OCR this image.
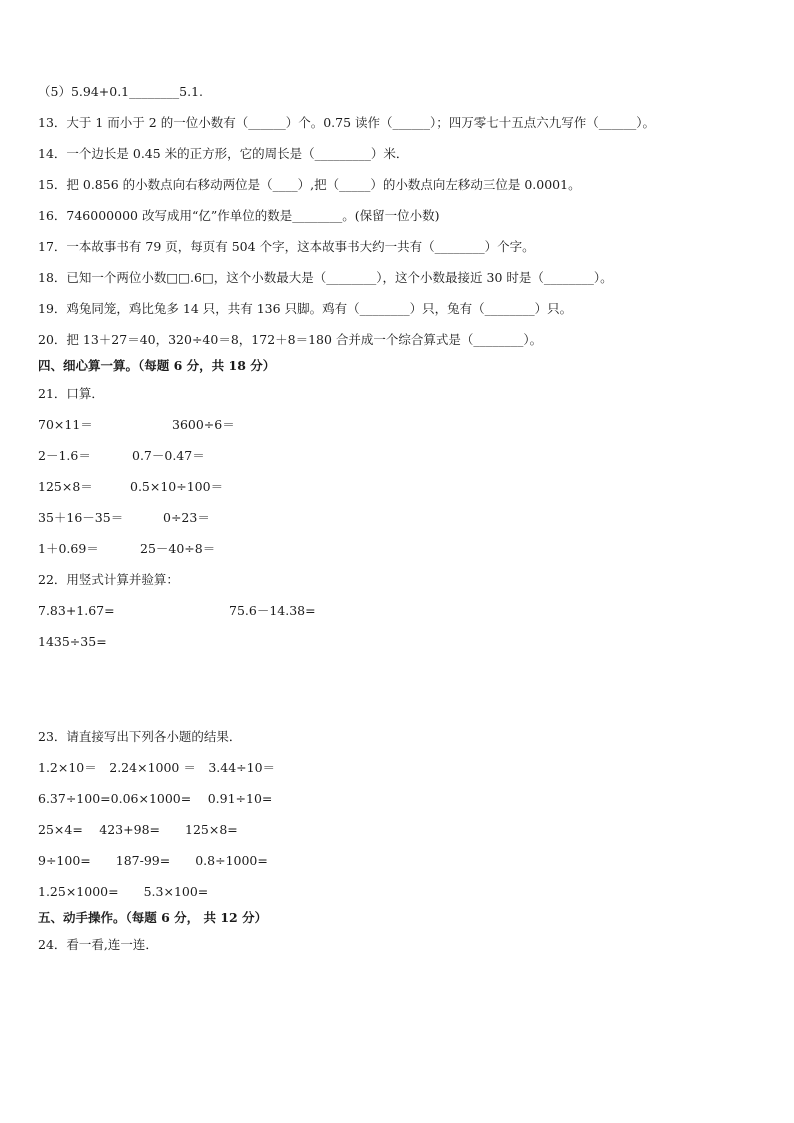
（5）5.94+0.1________5.1.
13．大于 1 而小于 2 的一位小数有（______）个。0.75 读作（______）；四万零七十五点六九写作（______）。
14．一个边长是 0.45 米的正方形，它的周长是（_________）米．
15．把 0.856 的小数点向右移动两位是（____）,把（_____）的小数点向左移动三位是 0.0001。
16．746000000 改写成用“亿”作单位的数是________。(保留一位小数)
17．一本故事书有 79 页，每页有 504 个字，这本故事书大约一共有（________）个字。
18．已知一个两位小数□□.6□，这个小数最大是（________），这个小数最接近 30 时是（________）。
19．鸡兔同笼，鸡比兔多 14 只，共有 136 只脚。鸡有（________）只，兔有（________）只。
20．把 13＋27＝40，320÷40＝8，172＋8＝180 合并成一个综合算式是（________）。
四、细心算一算。（每题 6 分，共 18 分）
21．口算．
70×11＝	3600÷6＝
2－1.6＝	0.7－0.47＝
125×8＝	0.5×10÷100＝
35＋16－35＝	0÷23＝
1＋0.69＝	25－40÷8＝
22．用竖式计算并验算：
7.83+1.67=	75.6－14.38=
1435÷35=
23．请直接写出下列各小题的结果．
1.2×10＝　2.24×1000 ＝　3.44÷10＝
6.37÷100=0.06×1000=　 0.91÷10=
25×4=　 423+98=　　125×8=
9÷100=　　187-99=　　0.8÷1000=
1.25×1000=　　5.3×100=
五、动手操作。（每题 6 分， 共 12 分）
24．看一看,连一连．
